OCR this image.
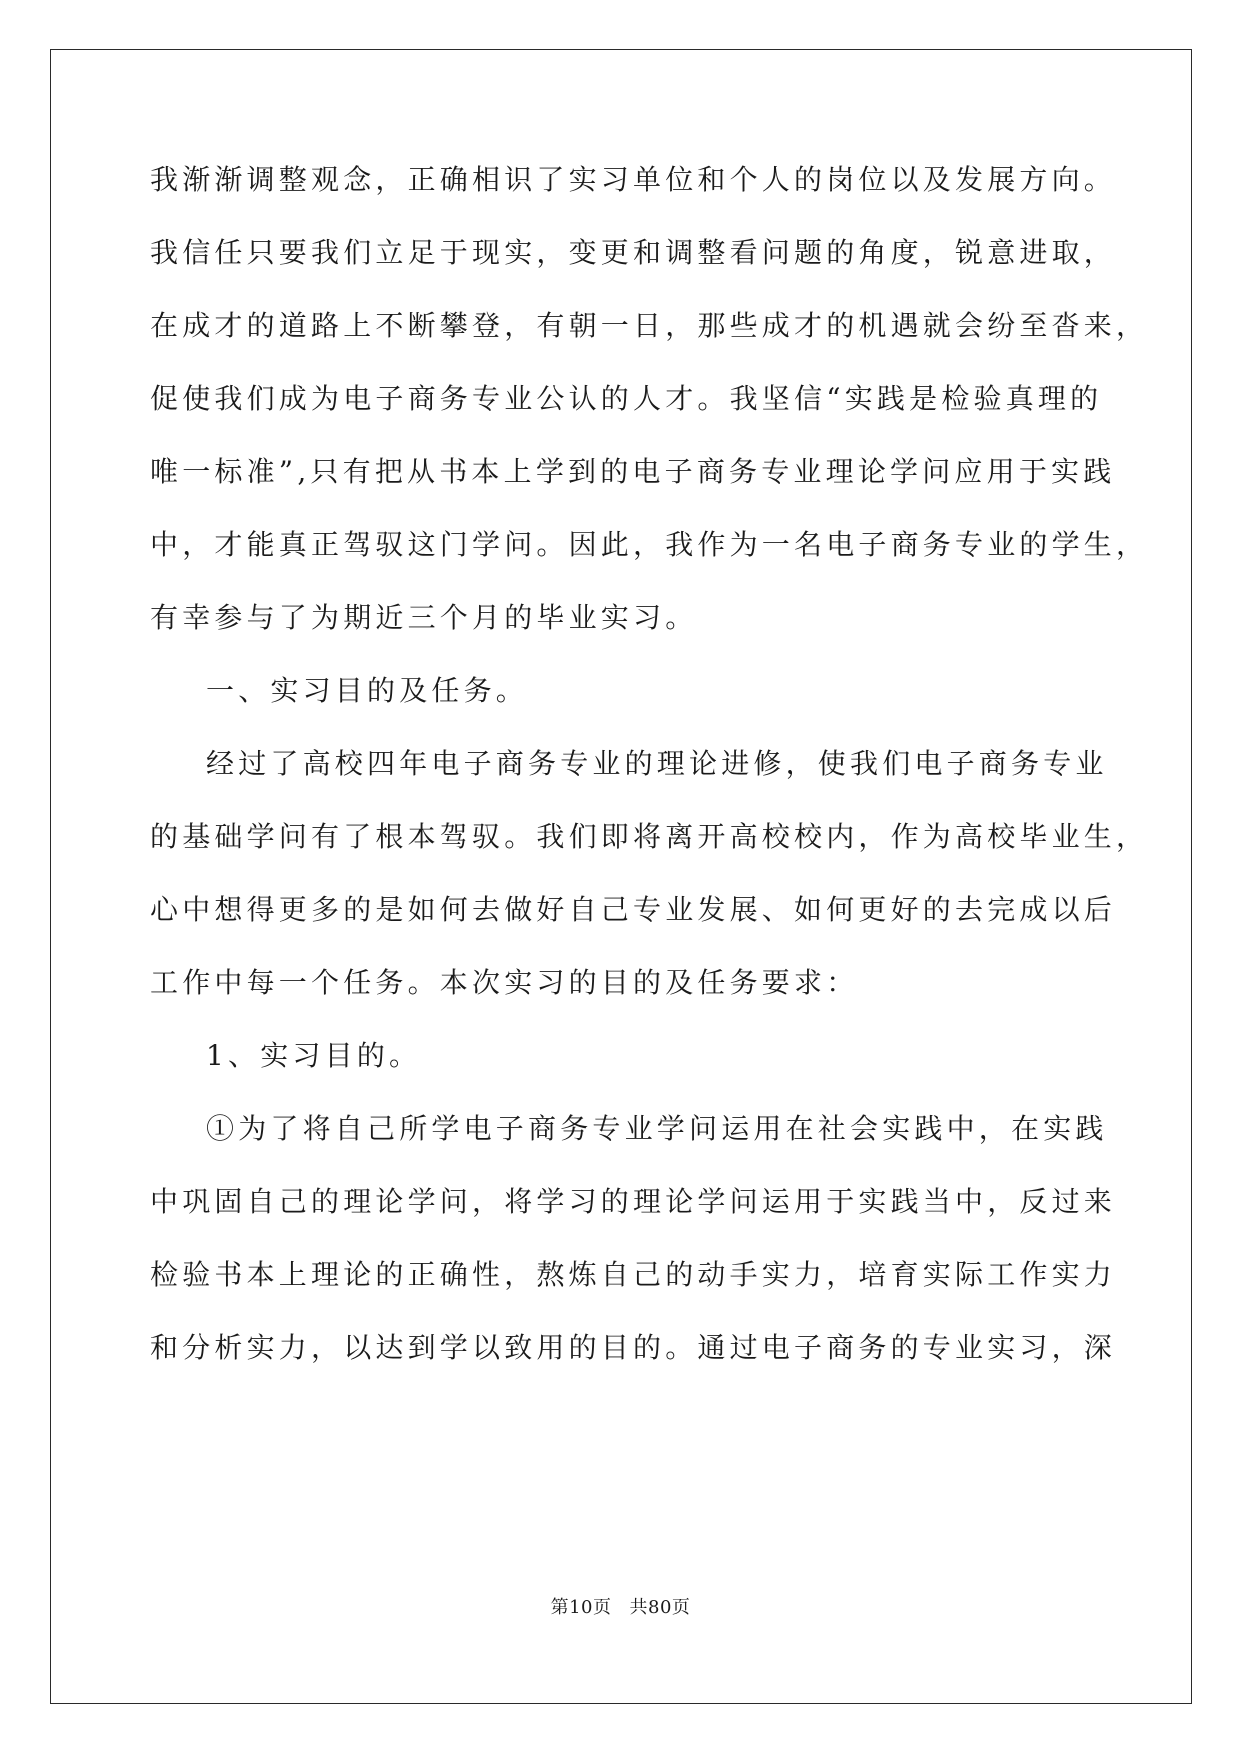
我渐渐调整观念，正确相识了实习单位和个人的岗位以及发展方向。
我信任只要我们立足于现实，变更和调整看问题的角度，锐意进取，
在成才的道路上不断攀登，有朝一日，那些成才的机遇就会纷至沓来，
促使我们成为电子商务专业公认的人才。我坚信“实践是检验真理的
唯一标准”,只有把从书本上学到的电子商务专业理论学问应用于实践
中，才能真正驾驭这门学问。因此，我作为一名电子商务专业的学生，
有幸参与了为期近三个月的毕业实习。
一、实习目的及任务。
经过了高校四年电子商务专业的理论进修，使我们电子商务专业
的基础学问有了根本驾驭。我们即将离开高校校内，作为高校毕业生，
心中想得更多的是如何去做好自己专业发展、如何更好的去完成以后
工作中每一个任务。本次实习的目的及任务要求：
1、实习目的。
①为了将自己所学电子商务专业学问运用在社会实践中，在实践
中巩固自己的理论学问，将学习的理论学问运用于实践当中，反过来
检验书本上理论的正确性，熬炼自己的动手实力，培育实际工作实力
和分析实力，以达到学以致用的目的。通过电子商务的专业实习，深
第10页 共80页
